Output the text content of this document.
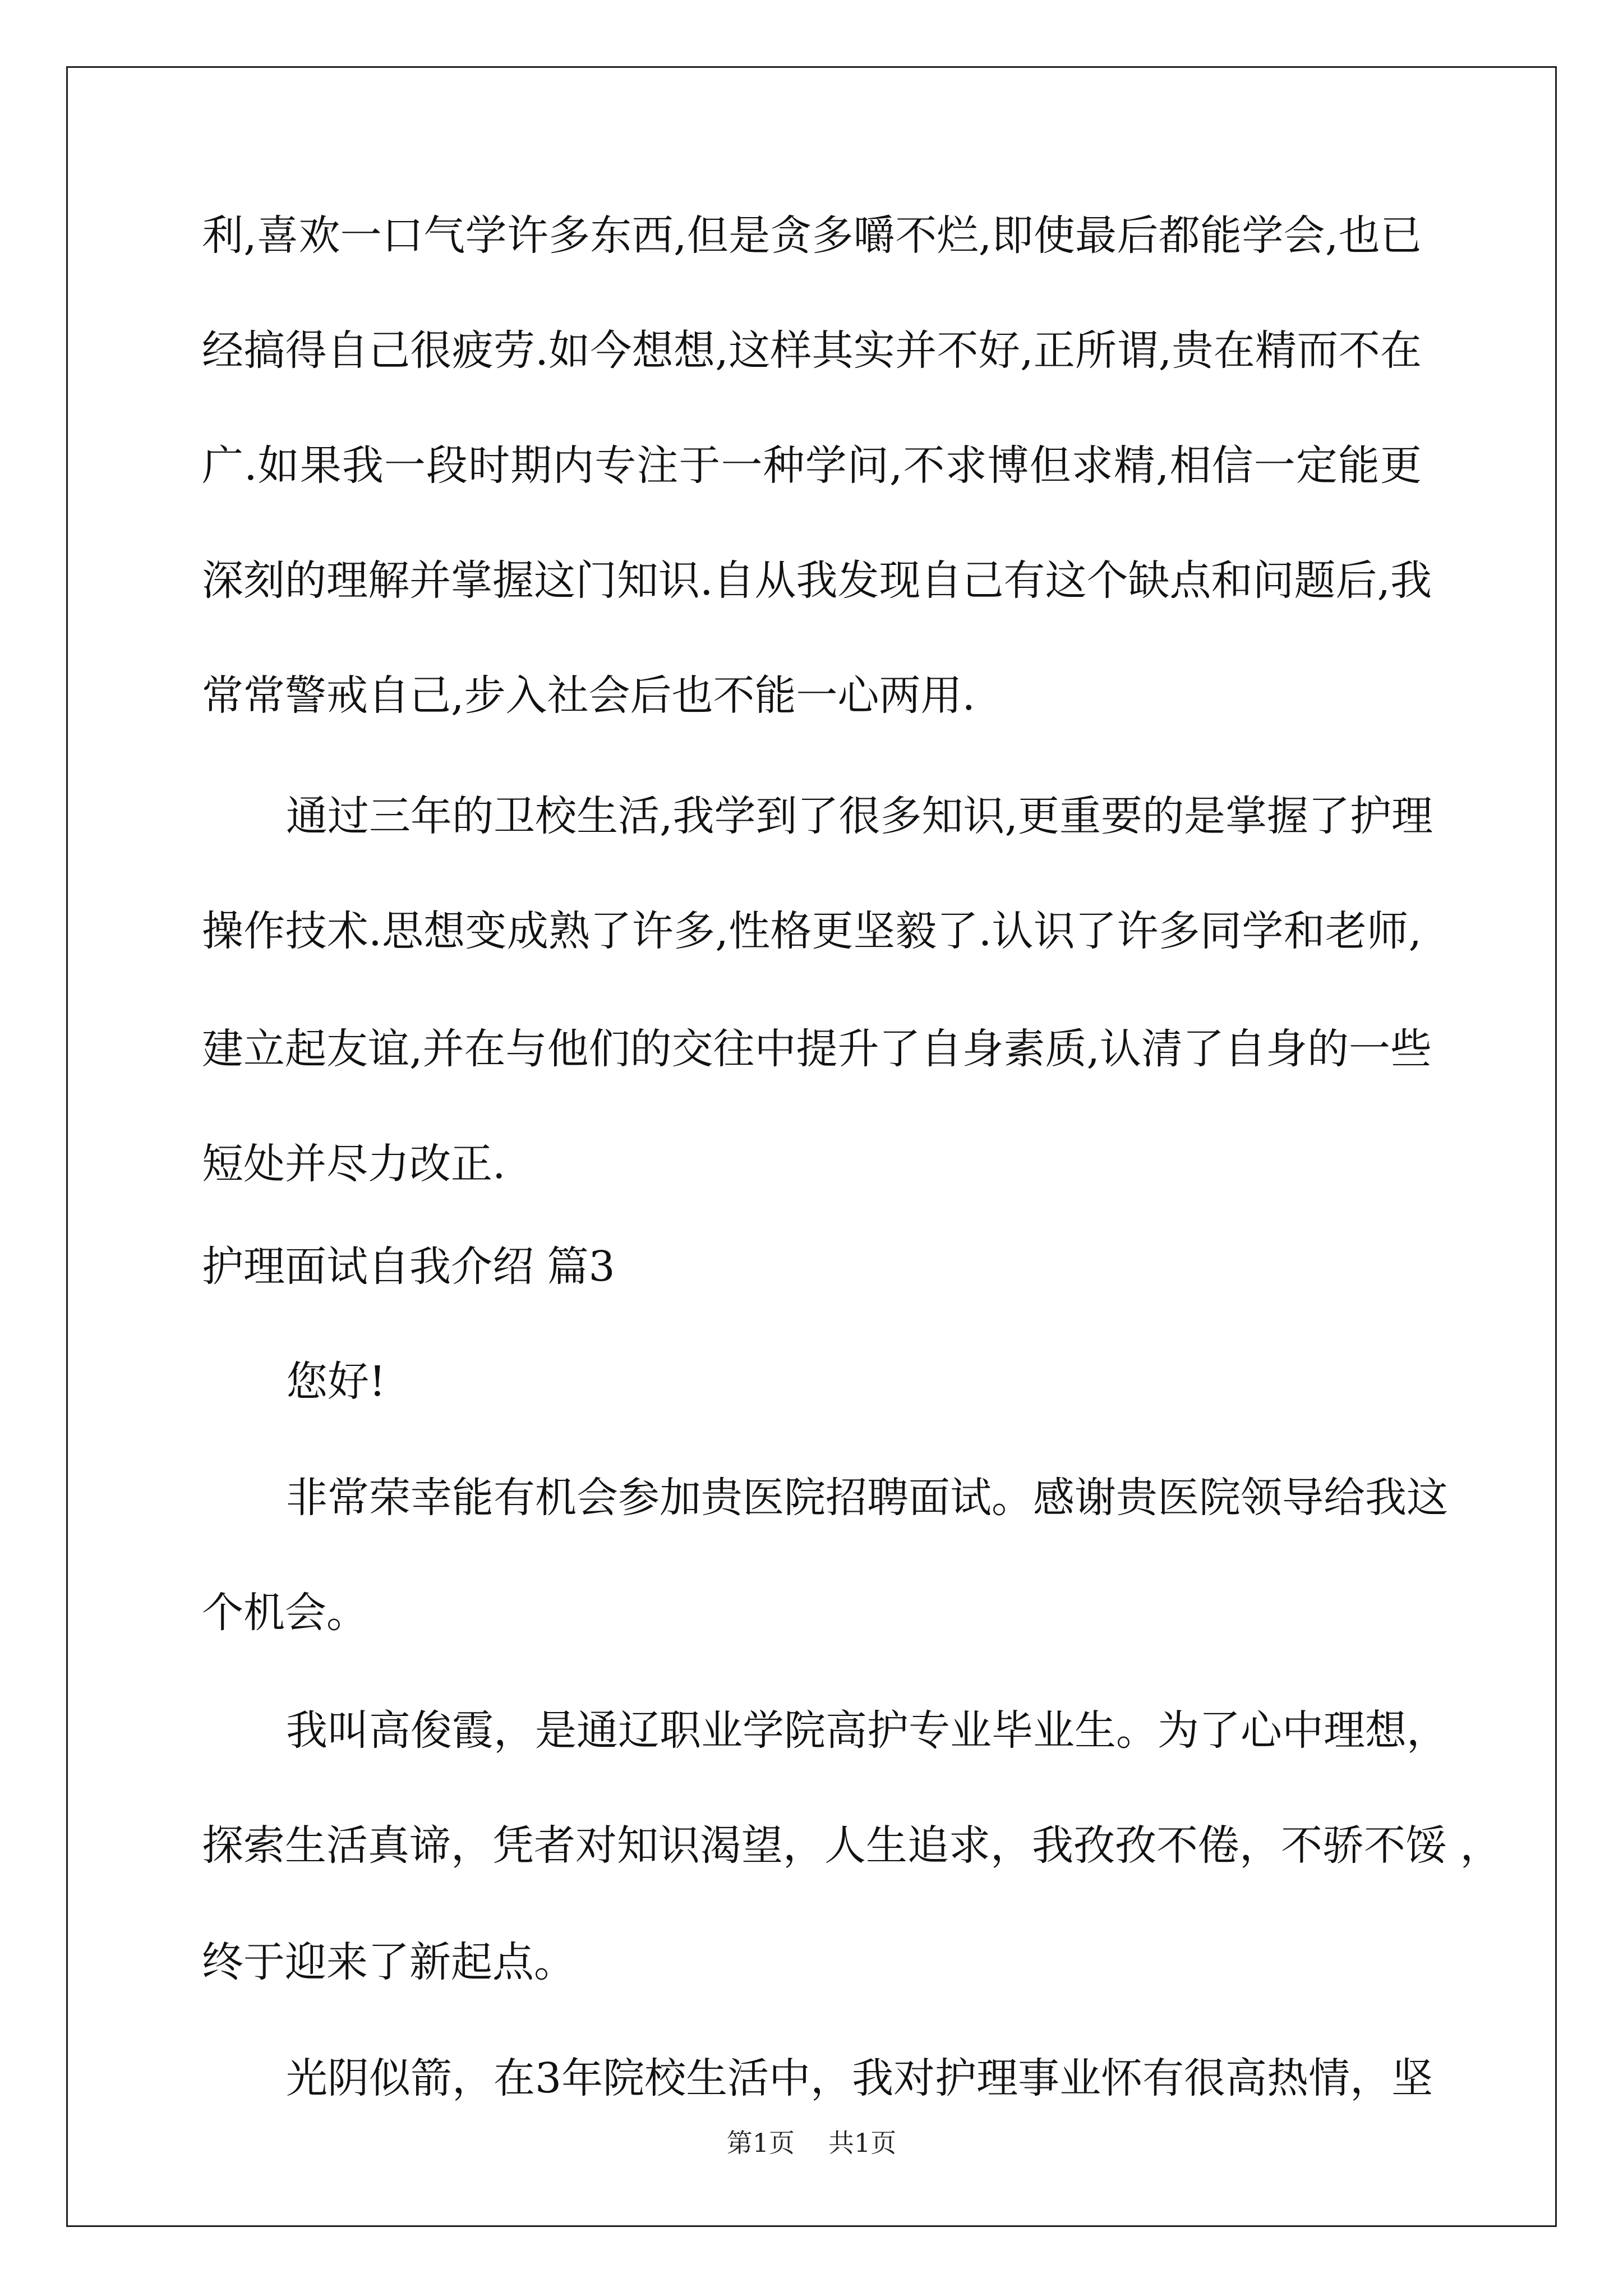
利,喜欢一口气学许多东西,但是贪多嚼不烂,即使最后都能学会,也已
经搞得自己很疲劳.如今想想,这样其实并不好,正所谓,贵在精而不在
广.如果我一段时期内专注于一种学问,不求博但求精,相信一定能更
深刻的理解并掌握这门知识.自从我发现自己有这个缺点和问题后,我
常常警戒自己,步入社会后也不能一心两用.
通过三年的卫校生活,我学到了很多知识,更重要的是掌握了护理
操作技术.思想变成熟了许多,性格更坚毅了.认识了许多同学和老师,
建立起友谊,并在与他们的交往中提升了自身素质,认清了自身的一些
短处并尽力改正.
护理面试自我介绍 篇3
您好!
非常荣幸能有机会参加贵医院招聘面试。感谢贵医院领导给我这
个机会。
我叫高俊霞，是通辽职业学院高护专业毕业生。为了心中理想，
探索生活真谛，凭者对知识渴望，人生追求，我孜孜不倦，不骄不馁 ，
终于迎来了新起点。
光阴似箭，在3年院校生活中，我对护理事业怀有很高热情，坚
第1页 共1页
